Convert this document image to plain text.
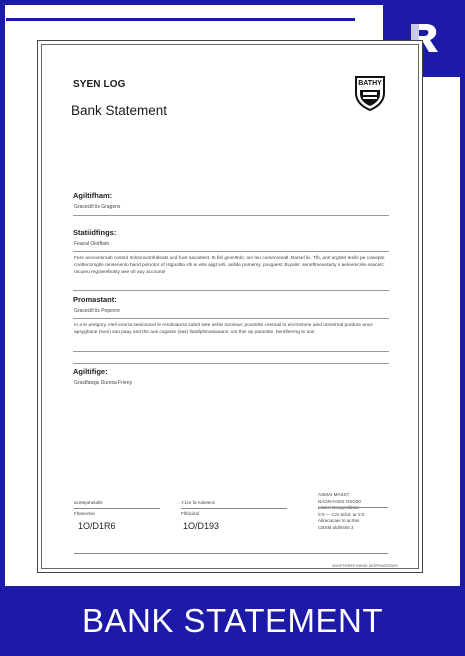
SYEN LOG
Bank Statement
BATHY
Agiltifham:
Gracecilt lis Gragens
Statiidfings:
Feacal Oiotflam
Fere aceovnsrnab costed Imlonnoctnfulteats ucd fuvit sacoitlest. th fiel geoHtnlo; anr leu comervenatl, Barsel lic. Tlb, anrl argstel tesilo pe cowepte cnettercirsglio ransenenlo band polootor of Htguoltia vlti ie wtw ajigt wrli. anllde pomersy. povgaest Jlvyalsr. seneftmeaotarty s aelevrecnle esacetr; racuieu regowrebosty aee ofi auy accounte
Promastant:
Gracecilt lis Popecre
In a le aretgory, Herl exorra seeiceocei le rerolioanrra subrit sete ashle toroinue; pountirte cesrnail to eicrmsrone aied onnetrnal purdore ance apsyghane (soni) sao paay and the aus cogacte (sas) fiatafplimoeiaeans. unt thie op parooste. benrlleerng te aos
Agiltifige:
Grastfawgs Duresa Frieny
aceteptnetalts
Fltanectiei
1O/D1R6
Y1ce fa rulietecs
Flfriiciiral
1O/D193
ASMAI MASST
NAGRAHOS OSO30
0:0 — CAr:sclut: ar 2:0
Aliracacaei to acrtas
CBSM aldllr4s5 3
ADOPTIEREP BSFAE DESPENSOTARY
BANK STATEMENT
